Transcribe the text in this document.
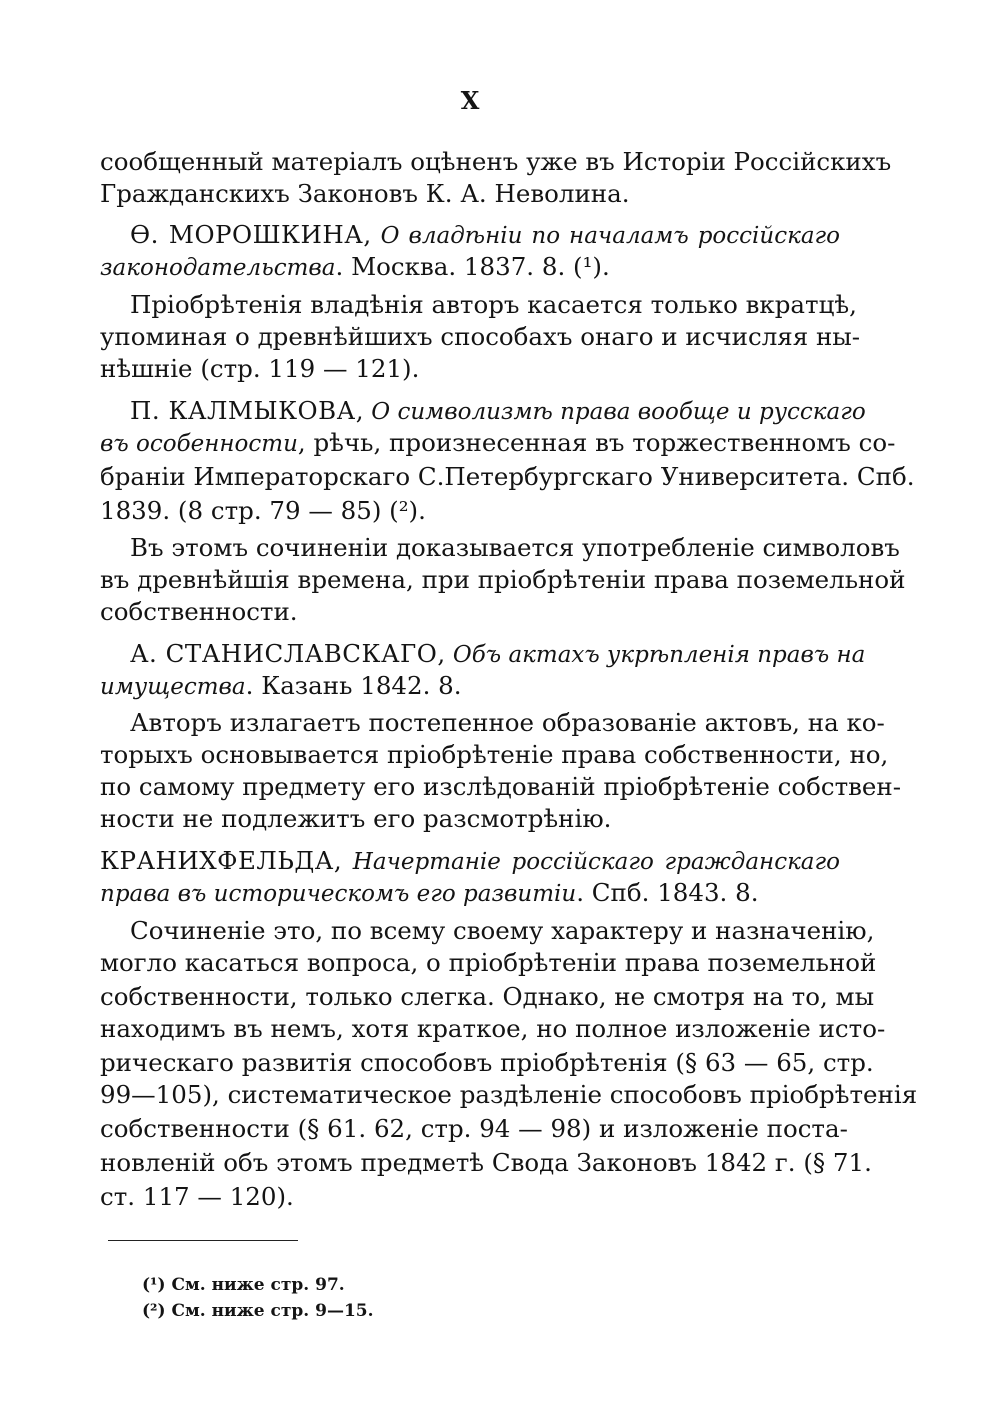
X
сообщенный матеріалъ оцѣненъ уже въ Исторіи Россійскихъ
Гражданскихъ Законовъ К. А. Неволина.
Ѳ. МОРОШКИНА, О владѣніи по началамъ россійскаго
законодательства. Москва. 1837. 8. (¹).
Пріобрѣтенія владѣнія авторъ касается только вкратцѣ,
упоминая о древнѣйшихъ способахъ онаго и исчисляя ны-
нѣшніе (стр. 119 — 121).
П. КАЛМЫКОВА, О символизмѣ права вообще и русскаго
въ особенности, рѣчь, произнесенная въ торжественномъ со-
браніи Императорскаго С.Петербургскаго Университета. Спб.
1839. (8 стр. 79 — 85) (²).
Въ этомъ сочиненіи доказывается употребленіе символовъ
въ древнѣйшія времена, при пріобрѣтеніи права поземельной
собственности.
А. СТАНИСЛАВСКАГО, Объ актахъ укрѣпленія правъ на
имущества. Казань 1842. 8.
Авторъ излагаетъ постепенное образованіе актовъ, на ко-
торыхъ основывается пріобрѣтеніе права собственности, но,
по самому предмету его изслѣдованій пріобрѣтеніе собствен-
ности не подлежитъ его разсмотрѣнію.
КРАНИХФЕЛЬДА, Начертаніе россійскаго гражданскаго
права въ историческомъ его развитіи. Спб. 1843. 8.
Сочиненіе это, по всему своему характеру и назначенію,
могло касаться вопроса, о пріобрѣтеніи права поземельной
собственности, только слегка. Однако, не смотря на то, мы
находимъ въ немъ, хотя краткое, но полное изложеніе исто-
рическаго развитія способовъ пріобрѣтенія (§ 63 — 65, стр.
99—105), систематическое раздѣленіе способовъ пріобрѣтенія
собственности (§ 61. 62, стр. 94 — 98) и изложеніе поста-
новленій объ этомъ предметѣ Свода Законовъ 1842 г. (§ 71.
ст. 117 — 120).
(¹) См. ниже стр. 97.
(²) См. ниже стр. 9—15.
